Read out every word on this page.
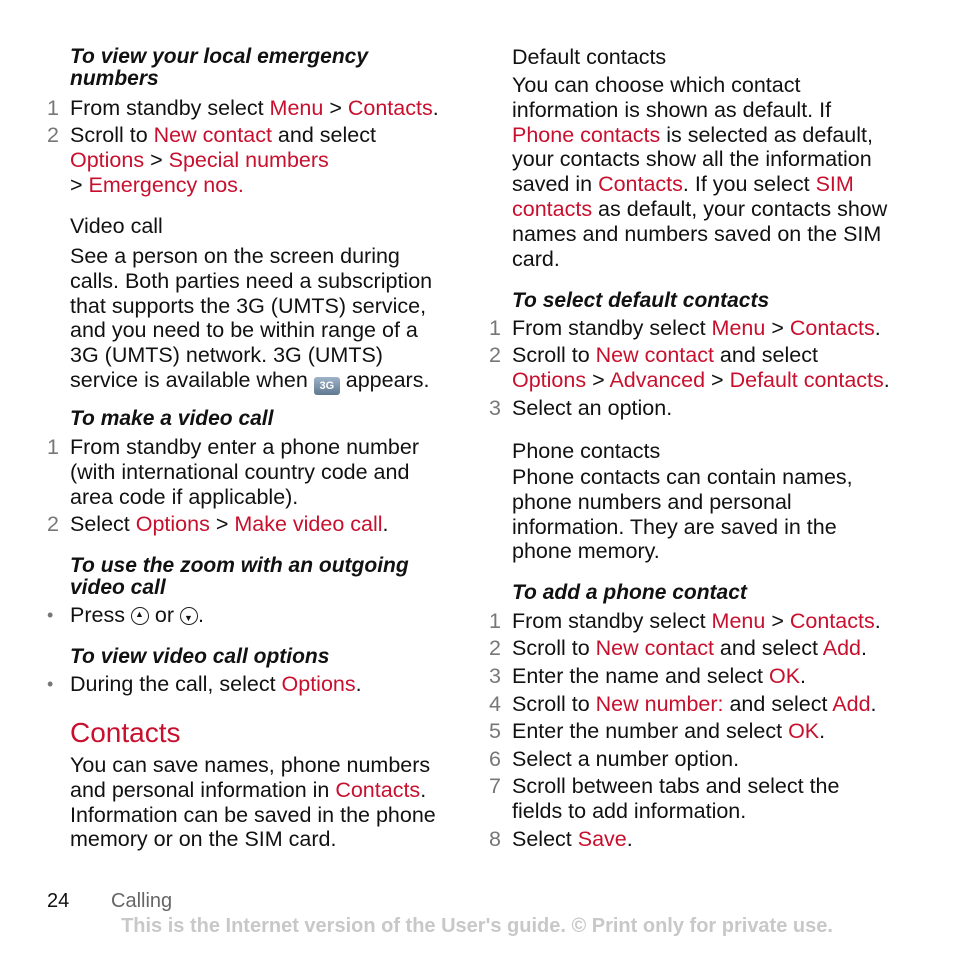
To view your local emergency numbers
1 From standby select Menu > Contacts.
2 Scroll to New contact and select
Options > Special numbers
> Emergency nos.
Video call
See a person on the screen during calls. Both parties need a subscription that supports the 3G (UMTS) service, and you need to be within range of a 3G (UMTS) network. 3G (UMTS) service is available when 3G appears.
To make a video call
1 From standby enter a phone number (with international country code and area code if applicable).
2 Select Options > Make video call.
To use the zoom with an outgoing video call
• Press ▲ or ▼ .
To view video call options
• During the call, select Options.
Contacts
You can save names, phone numbers and personal information in Contacts. Information can be saved in the phone memory or on the SIM card.
Default contacts
You can choose which contact information is shown as default. If Phone contacts is selected as default, your contacts show all the information saved in Contacts. If you select SIM contacts as default, your contacts show names and numbers saved on the SIM card.
To select default contacts
1 From standby select Menu > Contacts.
2 Scroll to New contact and select
Options > Advanced > Default contacts.
3 Select an option.
Phone contacts
Phone contacts can contain names, phone numbers and personal information. They are saved in the phone memory.
To add a phone contact
1 From standby select Menu > Contacts.
2 Scroll to New contact and select Add.
3 Enter the name and select OK.
4 Scroll to New number: and select Add.
5 Enter the number and select OK.
6 Select a number option.
7 Scroll between tabs and select the fields to add information.
8 Select Save.
24 Calling
This is the Internet version of the User's guide. © Print only for private use.
